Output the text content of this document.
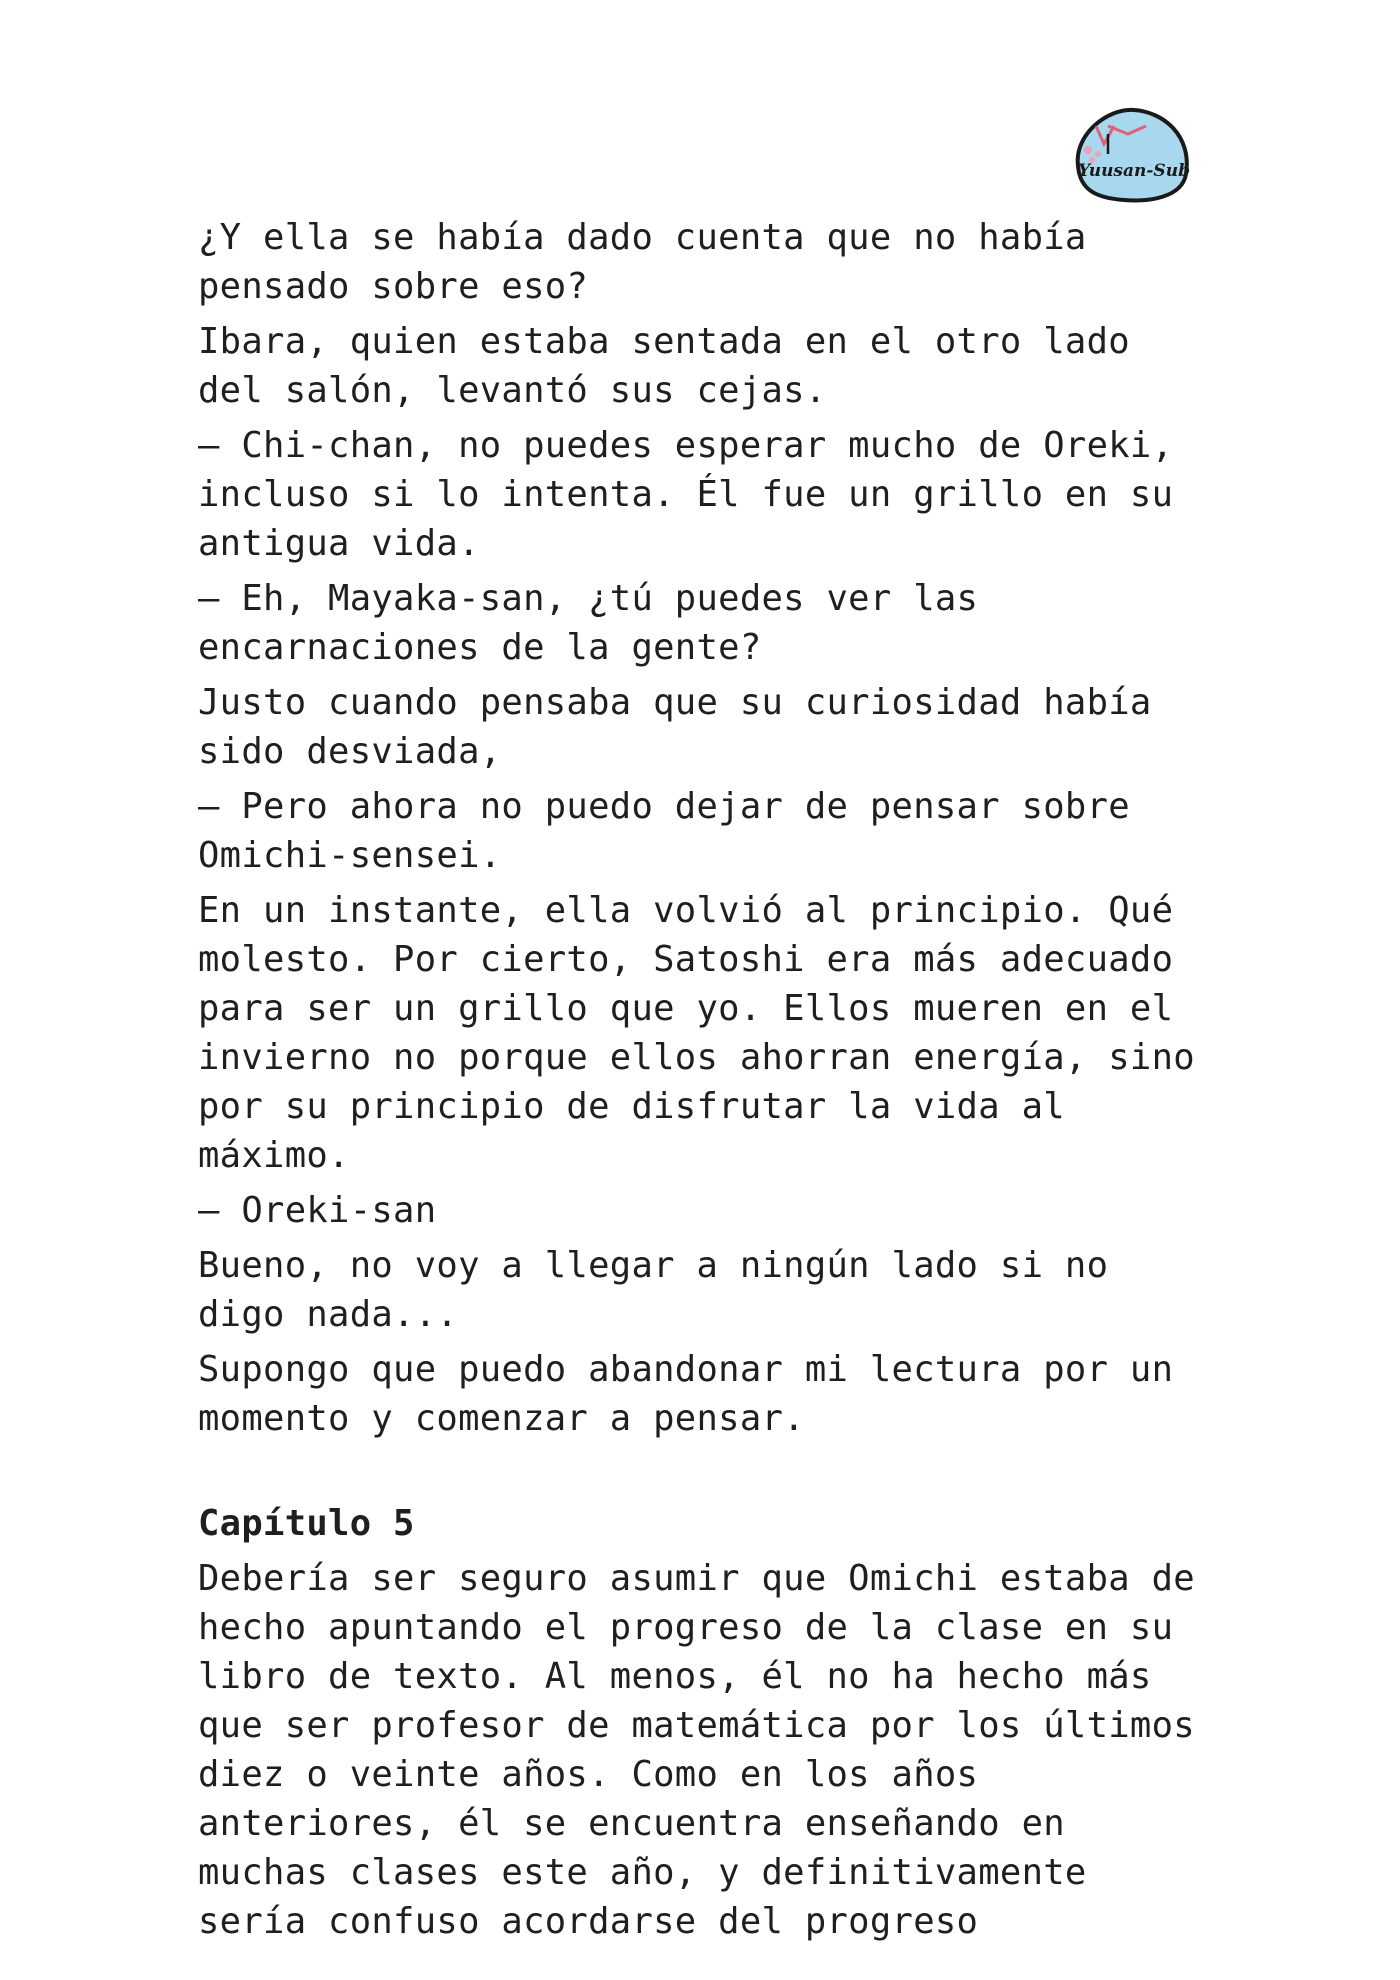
Yuusan-Sub

¿Y ella se había dado cuenta que no había pensado sobre eso?

Ibara, quien estaba sentada en el otro lado del salón, levantó sus cejas.

– Chi-chan, no puedes esperar mucho de Oreki, incluso si lo intenta. Él fue un grillo en su antigua vida.

– Eh, Mayaka-san, ¿tú puedes ver las encarnaciones de la gente?

Justo cuando pensaba que su curiosidad había sido desviada,

– Pero ahora no puedo dejar de pensar sobre Omichi-sensei.

En un instante, ella volvió al principio. Qué molesto. Por cierto, Satoshi era más adecuado para ser un grillo que yo. Ellos mueren en el invierno no porque ellos ahorran energía, sino por su principio de disfrutar la vida al máximo.

– Oreki-san

Bueno, no voy a llegar a ningún lado si no digo nada...

Supongo que puedo abandonar mi lectura por un momento y comenzar a pensar.

Capítulo 5

Debería ser seguro asumir que Omichi estaba de hecho apuntando el progreso de la clase en su libro de texto. Al menos, él no ha hecho más que ser profesor de matemática por los últimos diez o veinte años. Como en los años anteriores, él se encuentra enseñando en muchas clases este año, y definitivamente sería confuso acordarse del progreso
